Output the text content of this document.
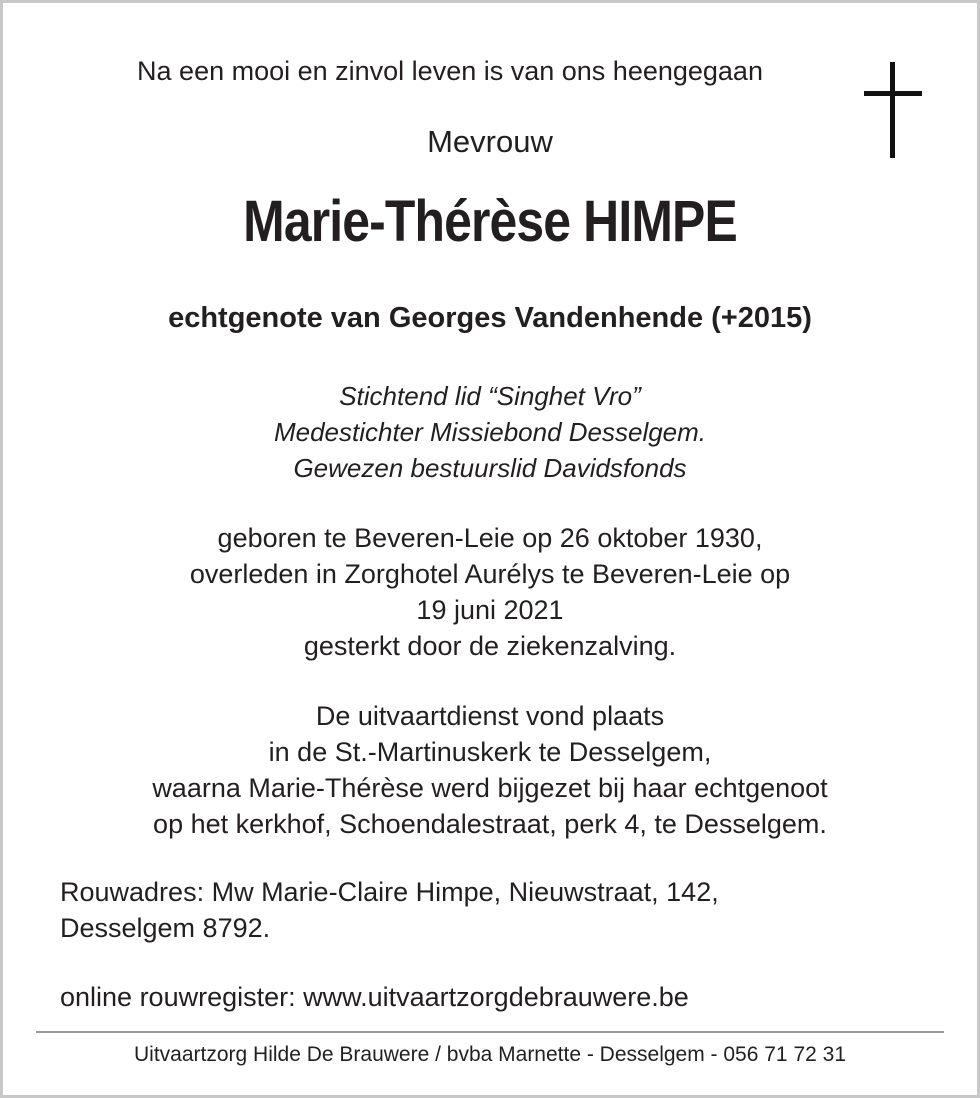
Na een mooi en zinvol leven is van ons heengegaan
Mevrouw
Marie-Thérèse HIMPE
echtgenote van Georges Vandenhende (+2015)
Stichtend lid “Singhet Vro”
Medestichter Missiebond Desselgem.
Gewezen bestuurslid Davidsfonds
geboren te Beveren-Leie op 26 oktober 1930,
overleden in Zorghotel Aurélys te Beveren-Leie op
19 juni 2021
gesterkt door de ziekenzalving.
De uitvaartdienst vond plaats
in de St.-Martinuskerk te Desselgem,
waarna Marie-Thérèse werd bijgezet bij haar echtgenoot
op het kerkhof, Schoendalestraat, perk 4, te Desselgem.
Rouwadres: Mw Marie-Claire Himpe, Nieuwstraat, 142,
Desselgem 8792.
online rouwregister: www.uitvaartzorgdebrauwere.be
Uitvaartzorg Hilde De Brauwere / bvba Marnette - Desselgem - 056 71 72 31
